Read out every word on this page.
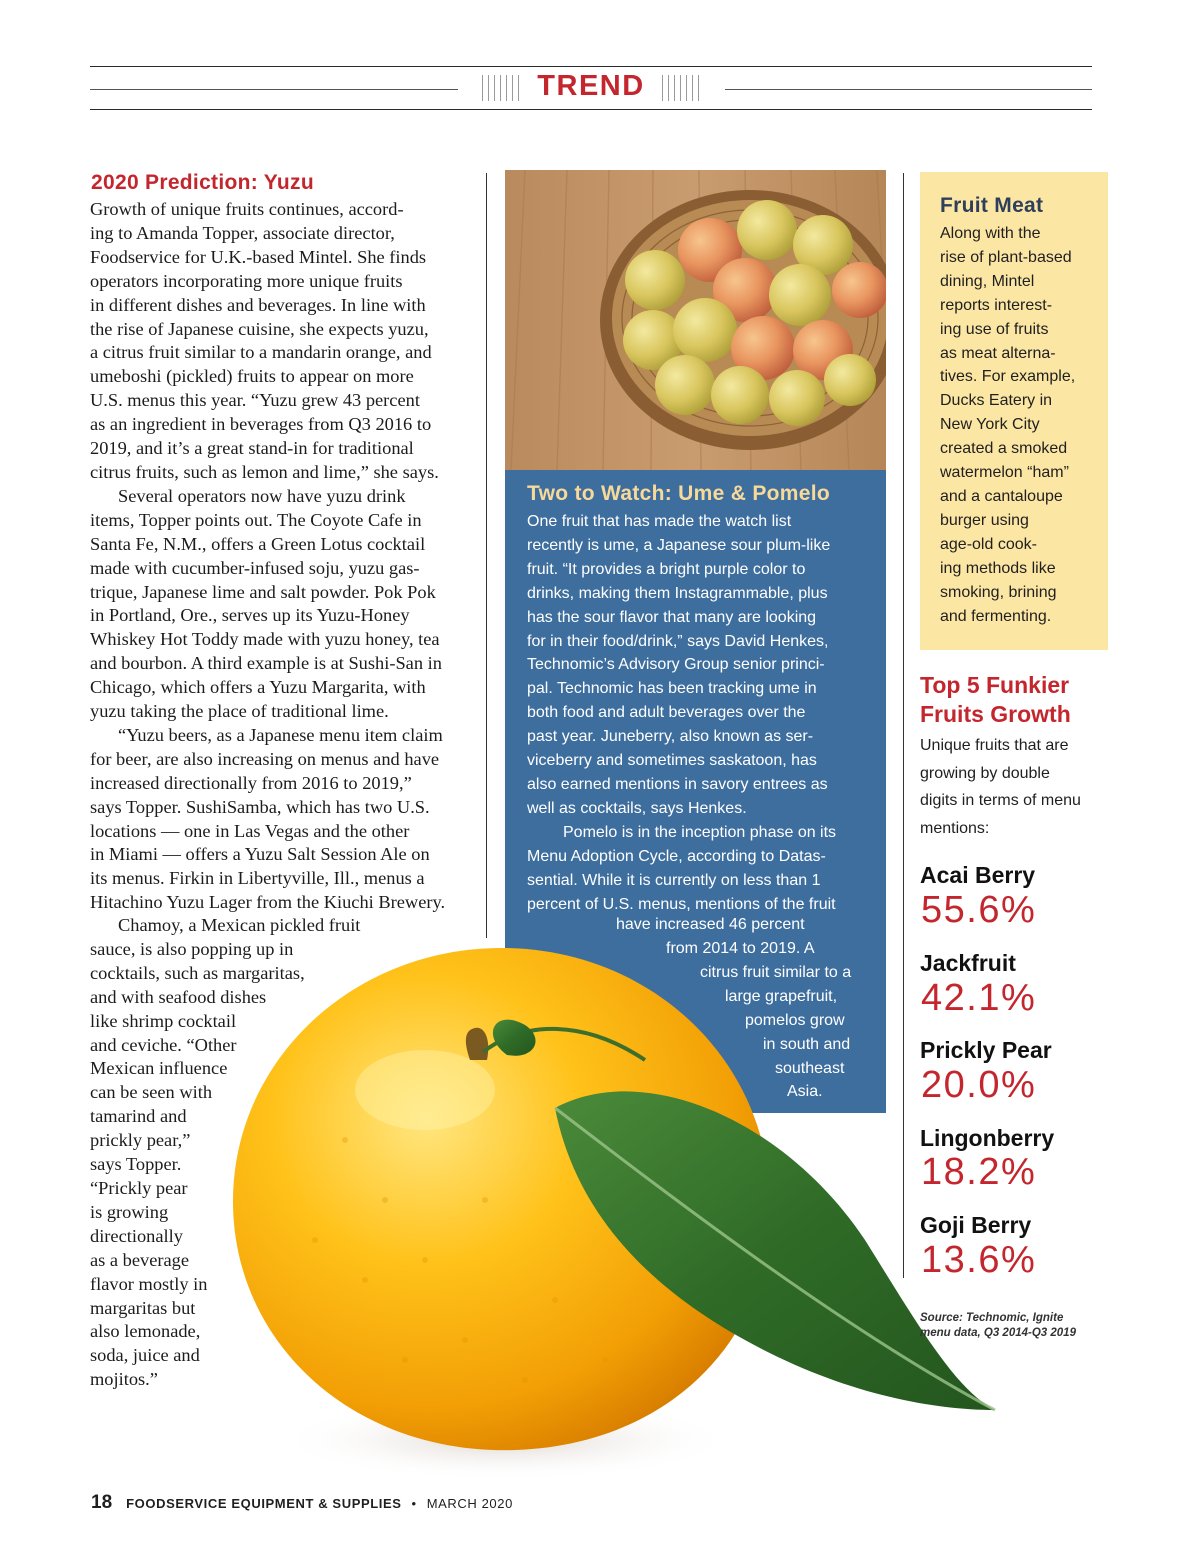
TREND
2020 Prediction: Yuzu

Growth of unique fruits continues, accord-

ing to Amanda Topper, associate director,

Foodservice for U.K.-based Mintel. She finds

operators incorporating more unique fruits

in different dishes and beverages. In line with

the rise of Japanese cuisine, she expects yuzu,

a citrus fruit similar to a mandarin orange, and

umeboshi (pickled) fruits to appear on more

U.S. menus this year. “Yuzu grew 43 percent

as an ingredient in beverages from Q3 2016 to

2019, and it’s a great stand-in for traditional

citrus fruits, such as lemon and lime,” she says.

Several operators now have yuzu drink

items, Topper points out. The Coyote Cafe in

Santa Fe, N.M., offers a Green Lotus cocktail

made with cucumber-infused soju, yuzu gas-

trique, Japanese lime and salt powder. Pok Pok

in Portland, Ore., serves up its Yuzu-Honey

Whiskey Hot Toddy made with yuzu honey, tea

and bourbon. A third example is at Sushi-San in

Chicago, which offers a Yuzu Margarita, with

yuzu taking the place of traditional lime.

“Yuzu beers, as a Japanese menu item claim

for beer, are also increasing on menus and have

increased directionally from 2016 to 2019,”

says Topper. SushiSamba, which has two U.S.

locations — one in Las Vegas and the other

in Miami — offers a Yuzu Salt Session Ale on

its menus. Firkin in Libertyville, Ill., menus a

Hitachino Yuzu Lager from the Kiuchi Brewery.

Chamoy, a Mexican pickled fruit

sauce, is also popping up in

cocktails, such as margaritas,

and with seafood dishes

like shrimp cocktail

and ceviche. “Other

Mexican influence

can be seen with

tamarind and

prickly pear,”

says Topper.

“Prickly pear

is growing

directionally

as a beverage

flavor mostly in

margaritas but

also lemonade,

soda, juice and

mojitos.”

Two to Watch: Ume & Pomelo

One fruit that has made the watch list

recently is ume, a Japanese sour plum-like

fruit. “It provides a bright purple color to

drinks, making them Instagrammable, plus

has the sour flavor that many are looking

for in their food/drink,” says David Henkes,

Technomic’s Advisory Group senior princi-

pal. Technomic has been tracking ume in

both food and adult beverages over the

past year. Juneberry, also known as ser-

viceberry and sometimes saskatoon, has

also earned mentions in savory entrees as

well as cocktails, says Henkes.

Pomelo is in the inception phase on its

Menu Adoption Cycle, according to Datas-

sential. While it is currently on less than 1

percent of U.S. menus, mentions of the fruit

have increased 46 percent
from 2014 to 2019. A
citrus fruit similar to a
large grapefruit,
pomelos grow
in south and
southeast
Asia.
Fruit Meat
Along with the
rise of plant-based
dining, Mintel
reports interest-
ing use of fruits
as meat alterna-
tives. For example,
Ducks Eatery in
New York City
created a smoked
watermelon “ham”
and a cantaloupe
burger using
age-old cook-
ing methods like
smoking, brining
and fermenting.
Top 5 Funkier
Fruits Growth
Unique fruits that are
growing by double
digits in terms of menu
mentions:
Acai Berry
55.6%
Jackfruit
42.1%
Prickly Pear
20.0%
Lingonberry
18.2%
Goji Berry
13.6%
Source: Technomic, Ignite
menu data, Q3 2014-Q3 2019
18 FOODSERVICE EQUIPMENT & SUPPLIES • MARCH 2020
